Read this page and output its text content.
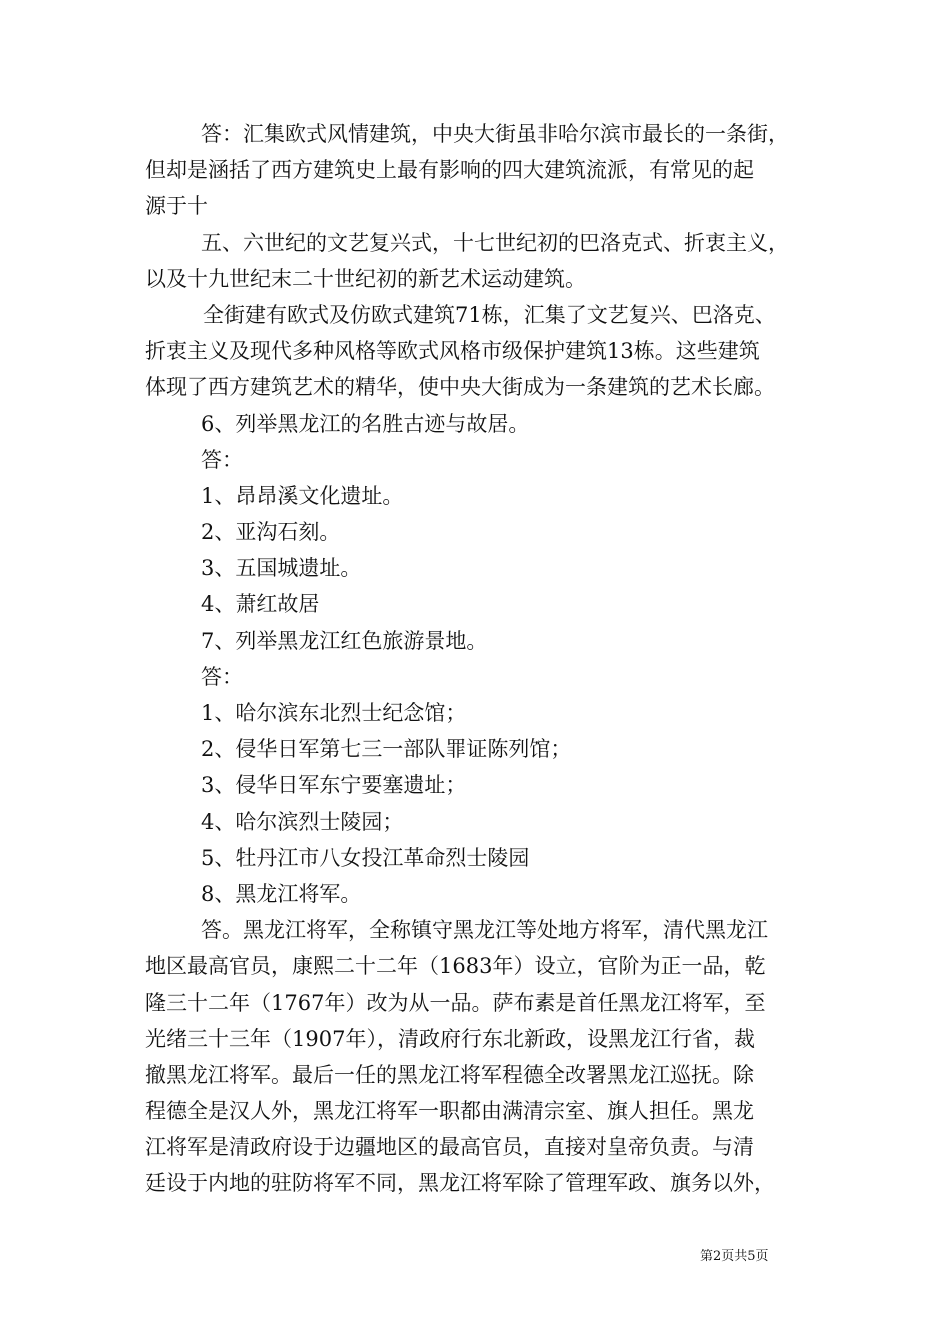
答：汇集欧式风情建筑，中央大街虽非哈尔滨市最长的一条街，
但却是涵括了西方建筑史上最有影响的四大建筑流派，有常见的起
源于十
五、六世纪的文艺复兴式，十七世纪初的巴洛克式、折衷主义，
以及十九世纪末二十世纪初的新艺术运动建筑。
全街建有欧式及仿欧式建筑71栋，汇集了文艺复兴、巴洛克、
折衷主义及现代多种风格等欧式风格市级保护建筑13栋。这些建筑
体现了西方建筑艺术的精华，使中央大街成为一条建筑的艺术长廊。
6、列举黑龙江的名胜古迹与故居。
答：
1、昂昂溪文化遗址。
2、亚沟石刻。
3、五国城遗址。
4、萧红故居
7、列举黑龙江红色旅游景地。
答：
1、哈尔滨东北烈士纪念馆；
2、侵华日军第七三一部队罪证陈列馆；
3、侵华日军东宁要塞遗址；
4、哈尔滨烈士陵园；
5、牡丹江市八女投江革命烈士陵园
8、黑龙江将军。
答。黑龙江将军，全称镇守黑龙江等处地方将军，清代黑龙江
地区最高官员，康熙二十二年（1683年）设立，官阶为正一品，乾
隆三十二年（1767年）改为从一品。萨布素是首任黑龙江将军，至
光绪三十三年（1907年），清政府行东北新政，设黑龙江行省，裁
撤黑龙江将军。最后一任的黑龙江将军程德全改署黑龙江巡抚。除
程德全是汉人外，黑龙江将军一职都由满清宗室、旗人担任。黑龙
江将军是清政府设于边疆地区的最高官员，直接对皇帝负责。与清
廷设于内地的驻防将军不同，黑龙江将军除了管理军政、旗务以外，
第2页共5页
